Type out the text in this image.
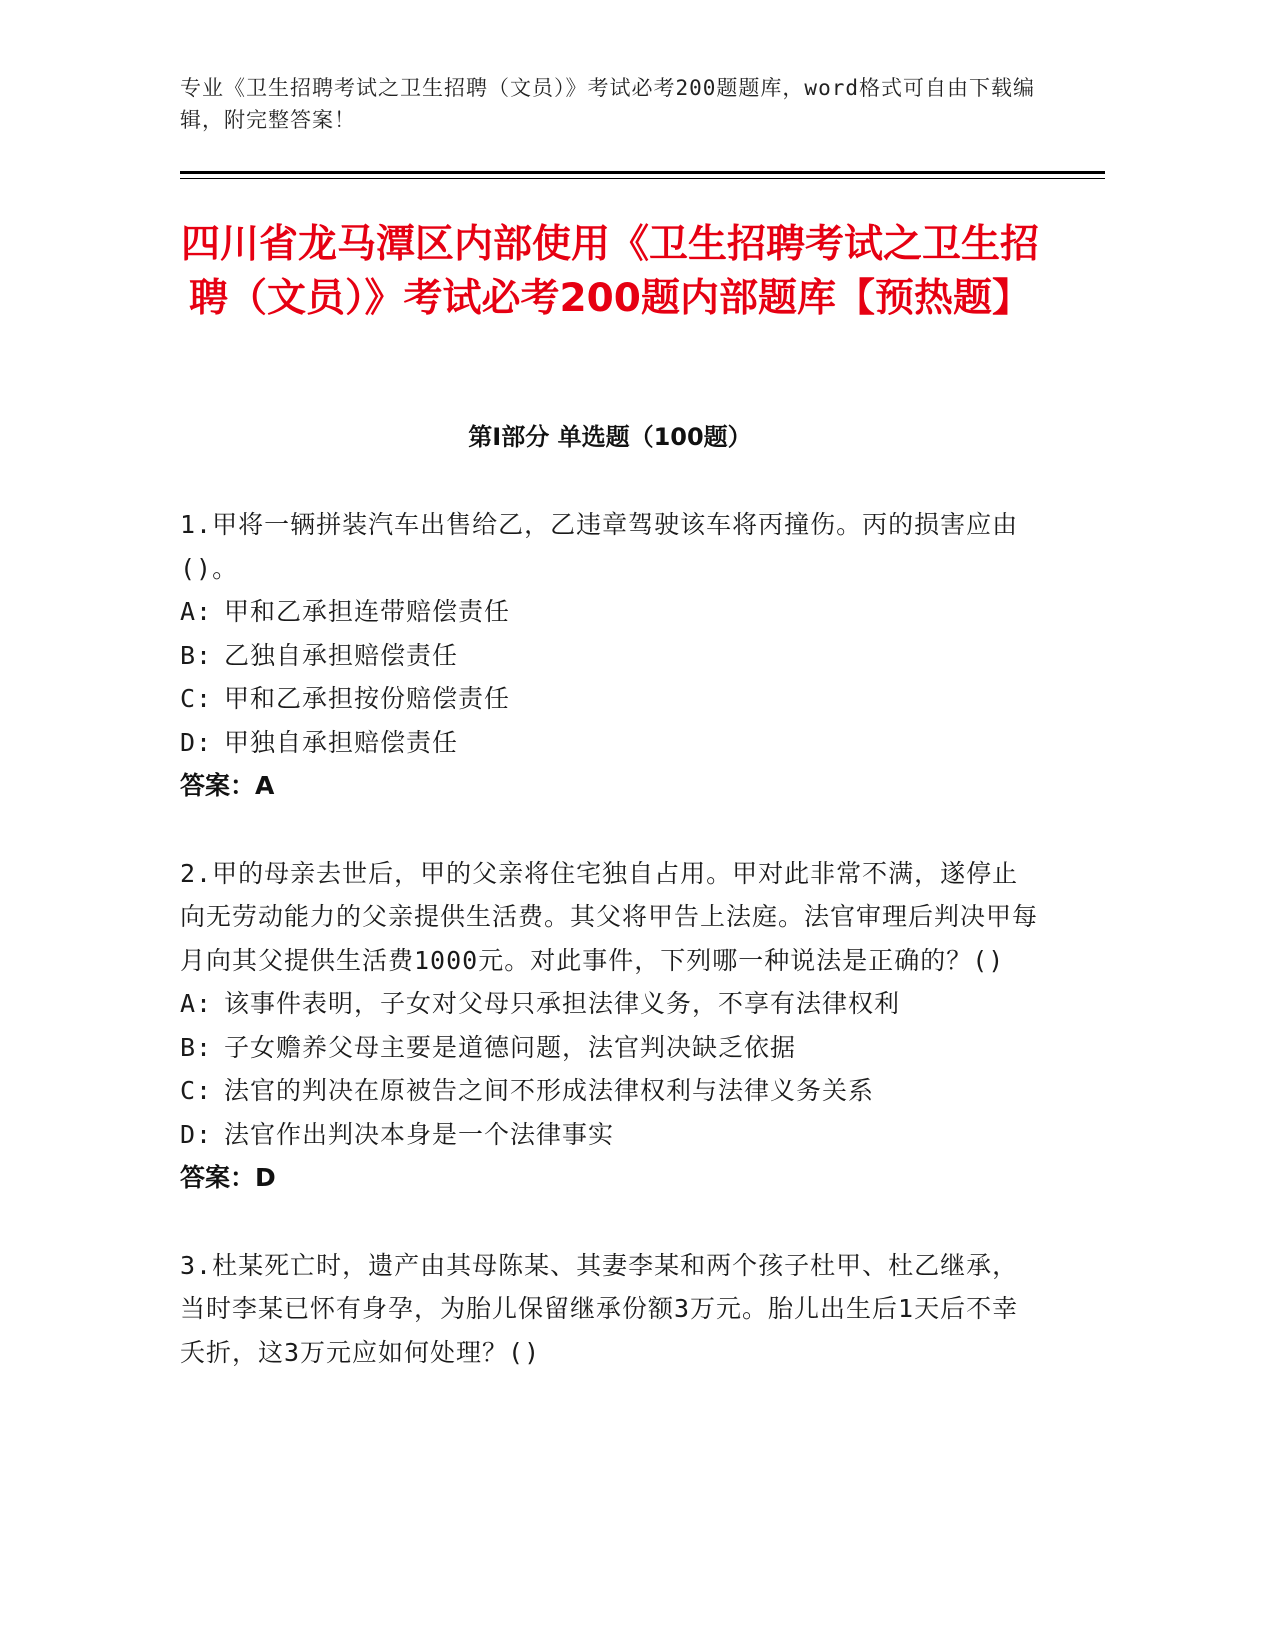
专业《卫生招聘考试之卫生招聘（文员）》考试必考200题题库，word格式可自由下载编辑，附完整答案！
四川省龙马潭区内部使用《卫生招聘考试之卫生招聘（文员）》考试必考200题内部题库【预热题】
第I部分 单选题（100题）
1.甲将一辆拼装汽车出售给乙，乙违章驾驶该车将丙撞伤。丙的损害应由()。
A: 甲和乙承担连带赔偿责任
B: 乙独自承担赔偿责任
C: 甲和乙承担按份赔偿责任
D: 甲独自承担赔偿责任
答案：A
2.甲的母亲去世后，甲的父亲将住宅独自占用。甲对此非常不满，遂停止向无劳动能力的父亲提供生活费。其父将甲告上法庭。法官审理后判决甲每月向其父提供生活费1000元。对此事件，下列哪一种说法是正确的？()
A: 该事件表明，子女对父母只承担法律义务，不享有法律权利
B: 子女赡养父母主要是道德问题，法官判决缺乏依据
C: 法官的判决在原被告之间不形成法律权利与法律义务关系
D: 法官作出判决本身是一个法律事实
答案：D
3.杜某死亡时，遗产由其母陈某、其妻李某和两个孩子杜甲、杜乙继承，当时李某已怀有身孕，为胎儿保留继承份额3万元。胎儿出生后1天后不幸夭折，这3万元应如何处理？()
